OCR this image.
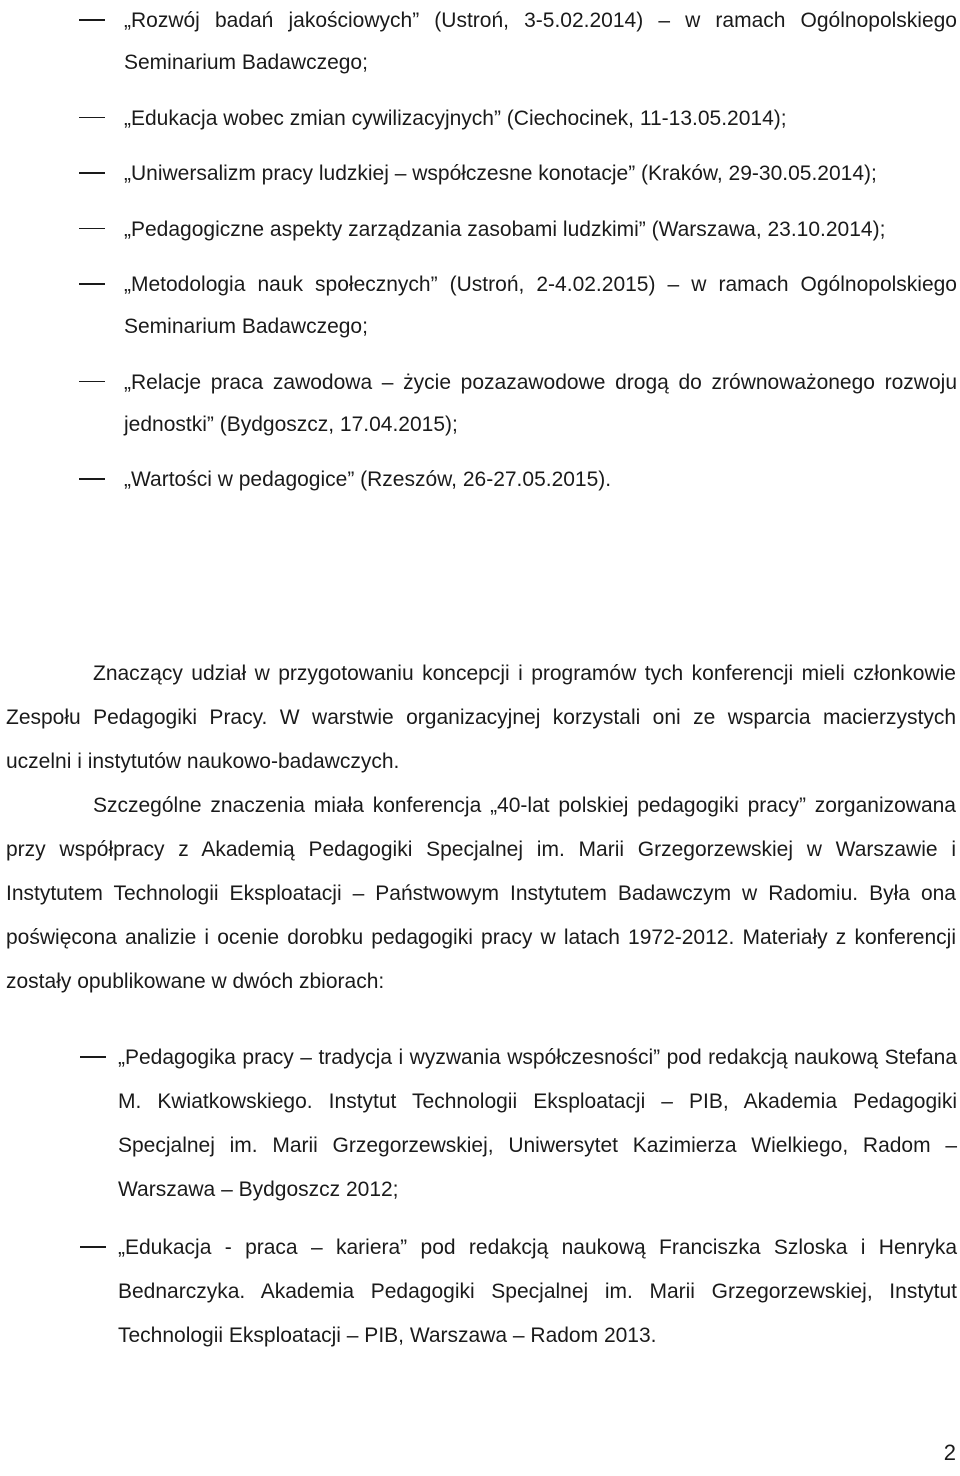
„Rozwój badań jakościowych” (Ustroń, 3-5.02.2014) – w ramach Ogólnopolskiego Seminarium Badawczego;
„Edukacja wobec zmian cywilizacyjnych” (Ciechocinek, 11-13.05.2014);
„Uniwersalizm pracy ludzkiej – współczesne konotacje” (Kraków, 29-30.05.2014);
„Pedagogiczne aspekty zarządzania zasobami ludzkimi” (Warszawa, 23.10.2014);
„Metodologia nauk społecznych” (Ustroń, 2-4.02.2015) – w ramach Ogólnopolskiego Seminarium Badawczego;
„Relacje praca zawodowa – życie pozazawodowe drogą do zrównoważonego rozwoju jednostki” (Bydgoszcz, 17.04.2015);
„Wartości w pedagogice” (Rzeszów, 26-27.05.2015).

Znaczący udział w przygotowaniu koncepcji i programów tych konferencji mieli członkowie Zespołu Pedagogiki Pracy. W warstwie organizacyjnej korzystali oni ze wsparcia macierzystych uczelni i instytutów naukowo-badawczych.

Szczególne znaczenia miała konferencja „40-lat polskiej pedagogiki pracy” zorganizowana przy współpracy z Akademią Pedagogiki Specjalnej im. Marii Grzegorzewskiej w Warszawie i Instytutem Technologii Eksploatacji – Państwowym Instytutem Badawczym w Radomiu. Była ona poświęcona analizie i ocenie dorobku pedagogiki pracy w latach 1972-2012. Materiały z konferencji zostały opublikowane w dwóch zbiorach:

„Pedagogika pracy – tradycja i wyzwania współczesności” pod redakcją naukową Stefana M. Kwiatkowskiego. Instytut Technologii Eksploatacji – PIB, Akademia Pedagogiki Specjalnej im. Marii Grzegorzewskiej, Uniwersytet Kazimierza Wielkiego, Radom – Warszawa – Bydgoszcz 2012;
„Edukacja - praca – kariera” pod redakcją naukową Franciszka Szloska i Henryka Bednarczyka. Akademia Pedagogiki Specjalnej im. Marii Grzegorzewskiej, Instytut Technologii Eksploatacji – PIB, Warszawa – Radom 2013.
2
